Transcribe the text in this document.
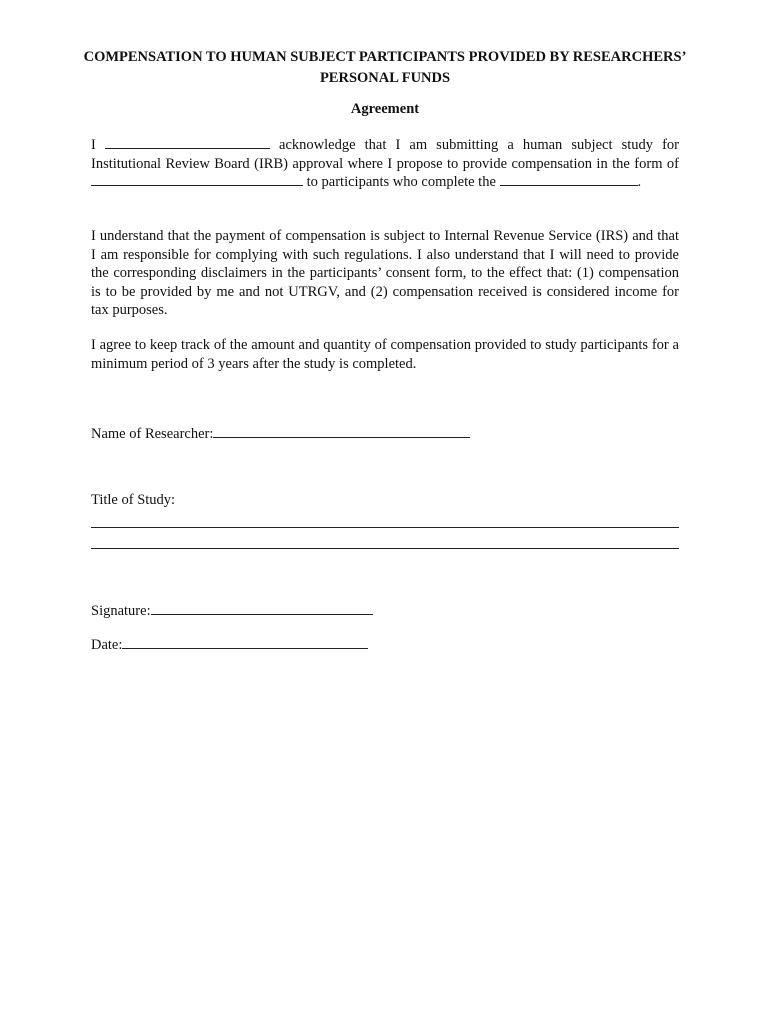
COMPENSATION TO HUMAN SUBJECT PARTICIPANTS PROVIDED BY RESEARCHERS’
PERSONAL FUNDS
Agreement
I	acknowledge that I am submitting a human subject study for Institutional Review Board (IRB) approval where I propose to provide compensation in the form of  to participants who complete the	.
I understand that the payment of compensation is subject to Internal Revenue Service (IRS) and that I am responsible for complying with such regulations. I also understand that I will need to provide the corresponding disclaimers in the participants’ consent form, to the effect that: (1) compensation is to be provided by me and not UTRGV, and (2) compensation received is considered income for tax purposes.
I agree to keep track of the amount and quantity of compensation provided to study participants for a minimum period of 3 years after the study is completed.
Name of Researcher:
Title of Study:
Signature:
Date:
